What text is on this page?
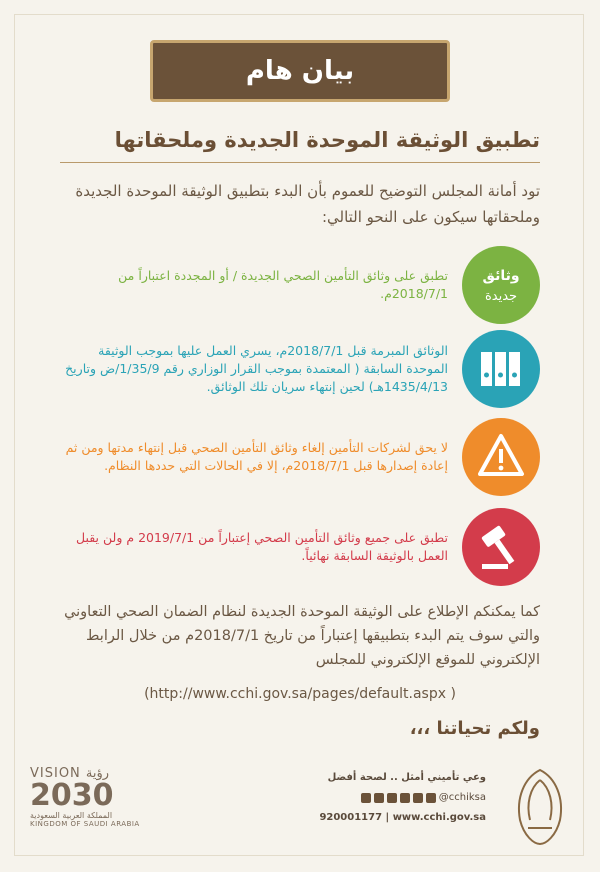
بيان هام
تطبيق الوثيقة الموحدة الجديدة وملحقاتها
تود أمانة المجلس التوضيح للعموم بأن البدء بتطبيق الوثيقة الموحدة الجديدة وملحقاتها سيكون على النحو التالي:
وثائق
جديدة
تطبق على وثائق التأمين الصحي الجديدة / أو المجددة اعتباراً من 2018/7/1م.
الوثائق المبرمة قبل 2018/7/1م، يسري العمل عليها بموجب الوثيقة الموحدة السابقة ( المعتمدة بموجب القرار الوزاري رقم 1/35/9/ض وتاريخ 1435/4/13هـ) لحين إنتهاء سريان تلك الوثائق.
لا يحق لشركات التأمين إلغاء وثائق التأمين الصحي قبل إنتهاء مدتها ومن ثم إعادة إصدارها قبل 2018/7/1م، إلا في الحالات التي حددها النظام.
تطبق على جميع وثائق التأمين الصحي إعتباراً من 2019/7/1 م ولن يقبل العمل بالوثيقة السابقة نهائياً.
كما يمكنكم الإطلاع على الوثيقة الموحدة الجديدة لنظام الضمان الصحي التعاوني والتي سوف يتم البدء بتطبيقها إعتباراً من تاريخ 2018/7/1م من خلال الرابط الإلكتروني للموقع الإلكتروني للمجلس
(http://www.cchi.gov.sa/pages/default.aspx )
ولكم تحياتنا ،،،
VISION رؤية
2030
المملكة العربية السعودية
KINGDOM OF SAUDI ARABIA
وعي تأميني أمثل .. لصحة أفضل
@cchiksa
920001177 | www.cchi.gov.sa
